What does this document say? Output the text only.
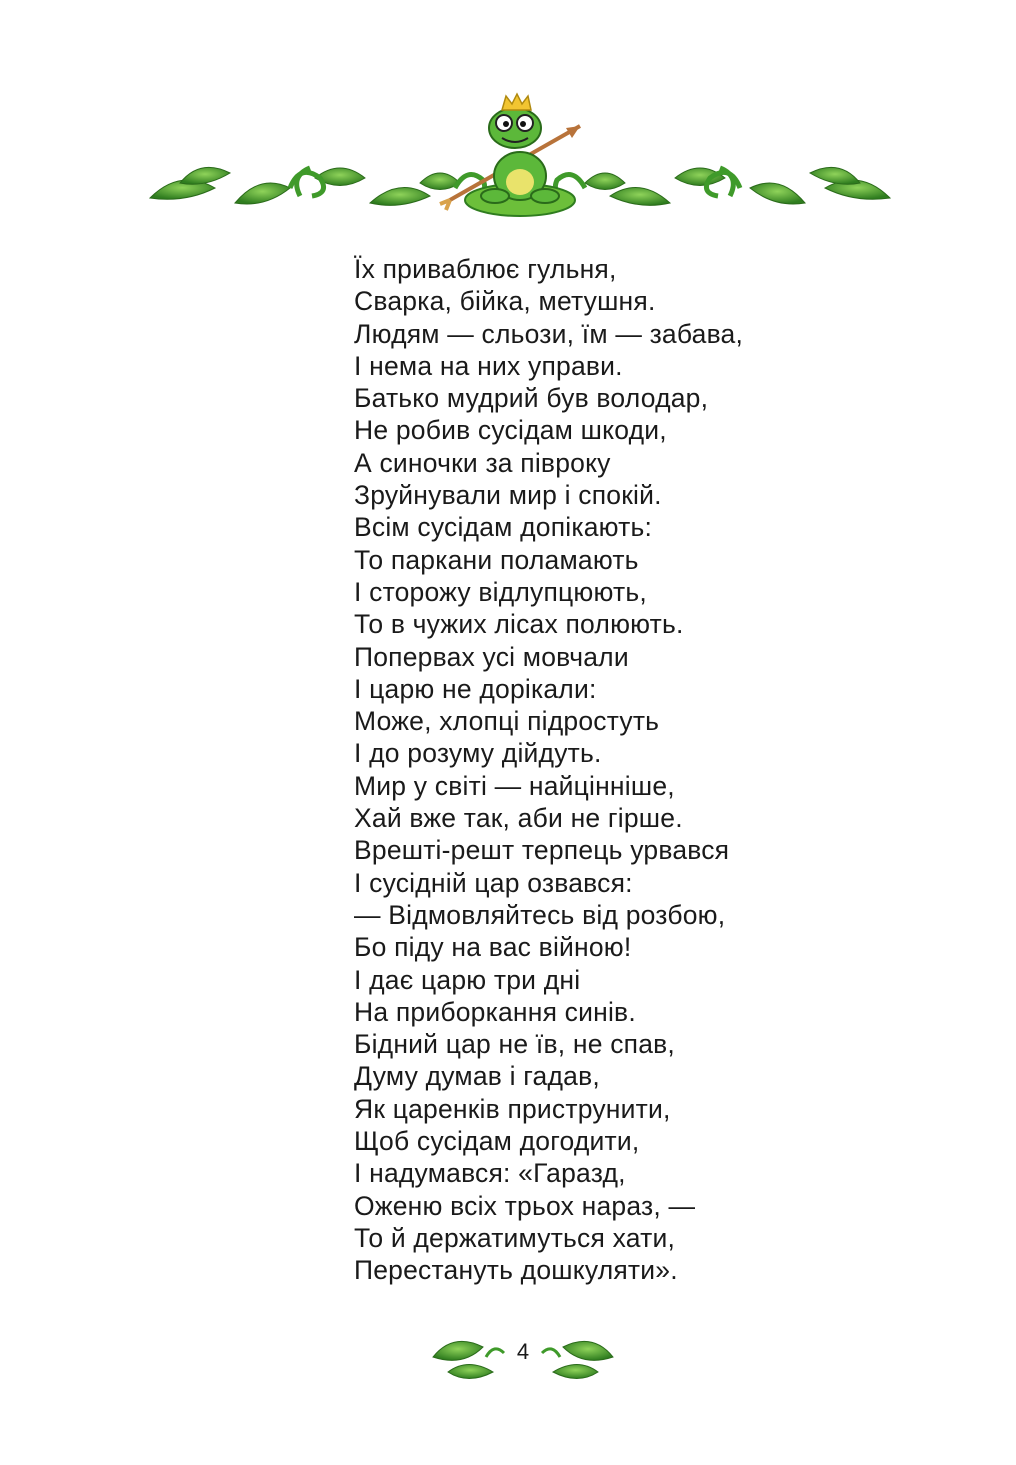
Їх приваблює гульня,
Сварка, бійка, метушня.
Людям — сльози, їм — забава,
І нема на них управи.
Батько мудрий був володар,
Не робив сусідам шкоди,
А синочки за півроку
Зруйнували мир і спокій.
Всім сусідам допікають:
То паркани поламають
І сторожу відлупцюють,
То в чужих лісах полюють.
Поперваx усі мовчали
І царю не дорікали:
Може, хлопці підростуть
І до розуму дійдуть.
Мир у світі — найцінніше,
Хай вже так, аби не гірше.
Врешті-решт терпець урвався
І сусідній цар озвався:
— Відмовляйтесь від розбою,
Бо піду на вас війною!
І дає царю три дні
На приборкання синів.
Бідний цар не їв, не спав,
Думу думав і гадав,
Як царенків приструнити,
Щоб сусідам догодити,
І надумався: «Гаразд,
Оженю всіх трьох нараз, —
То й держатимуться хати,
Перестануть дошкуляти».
4
